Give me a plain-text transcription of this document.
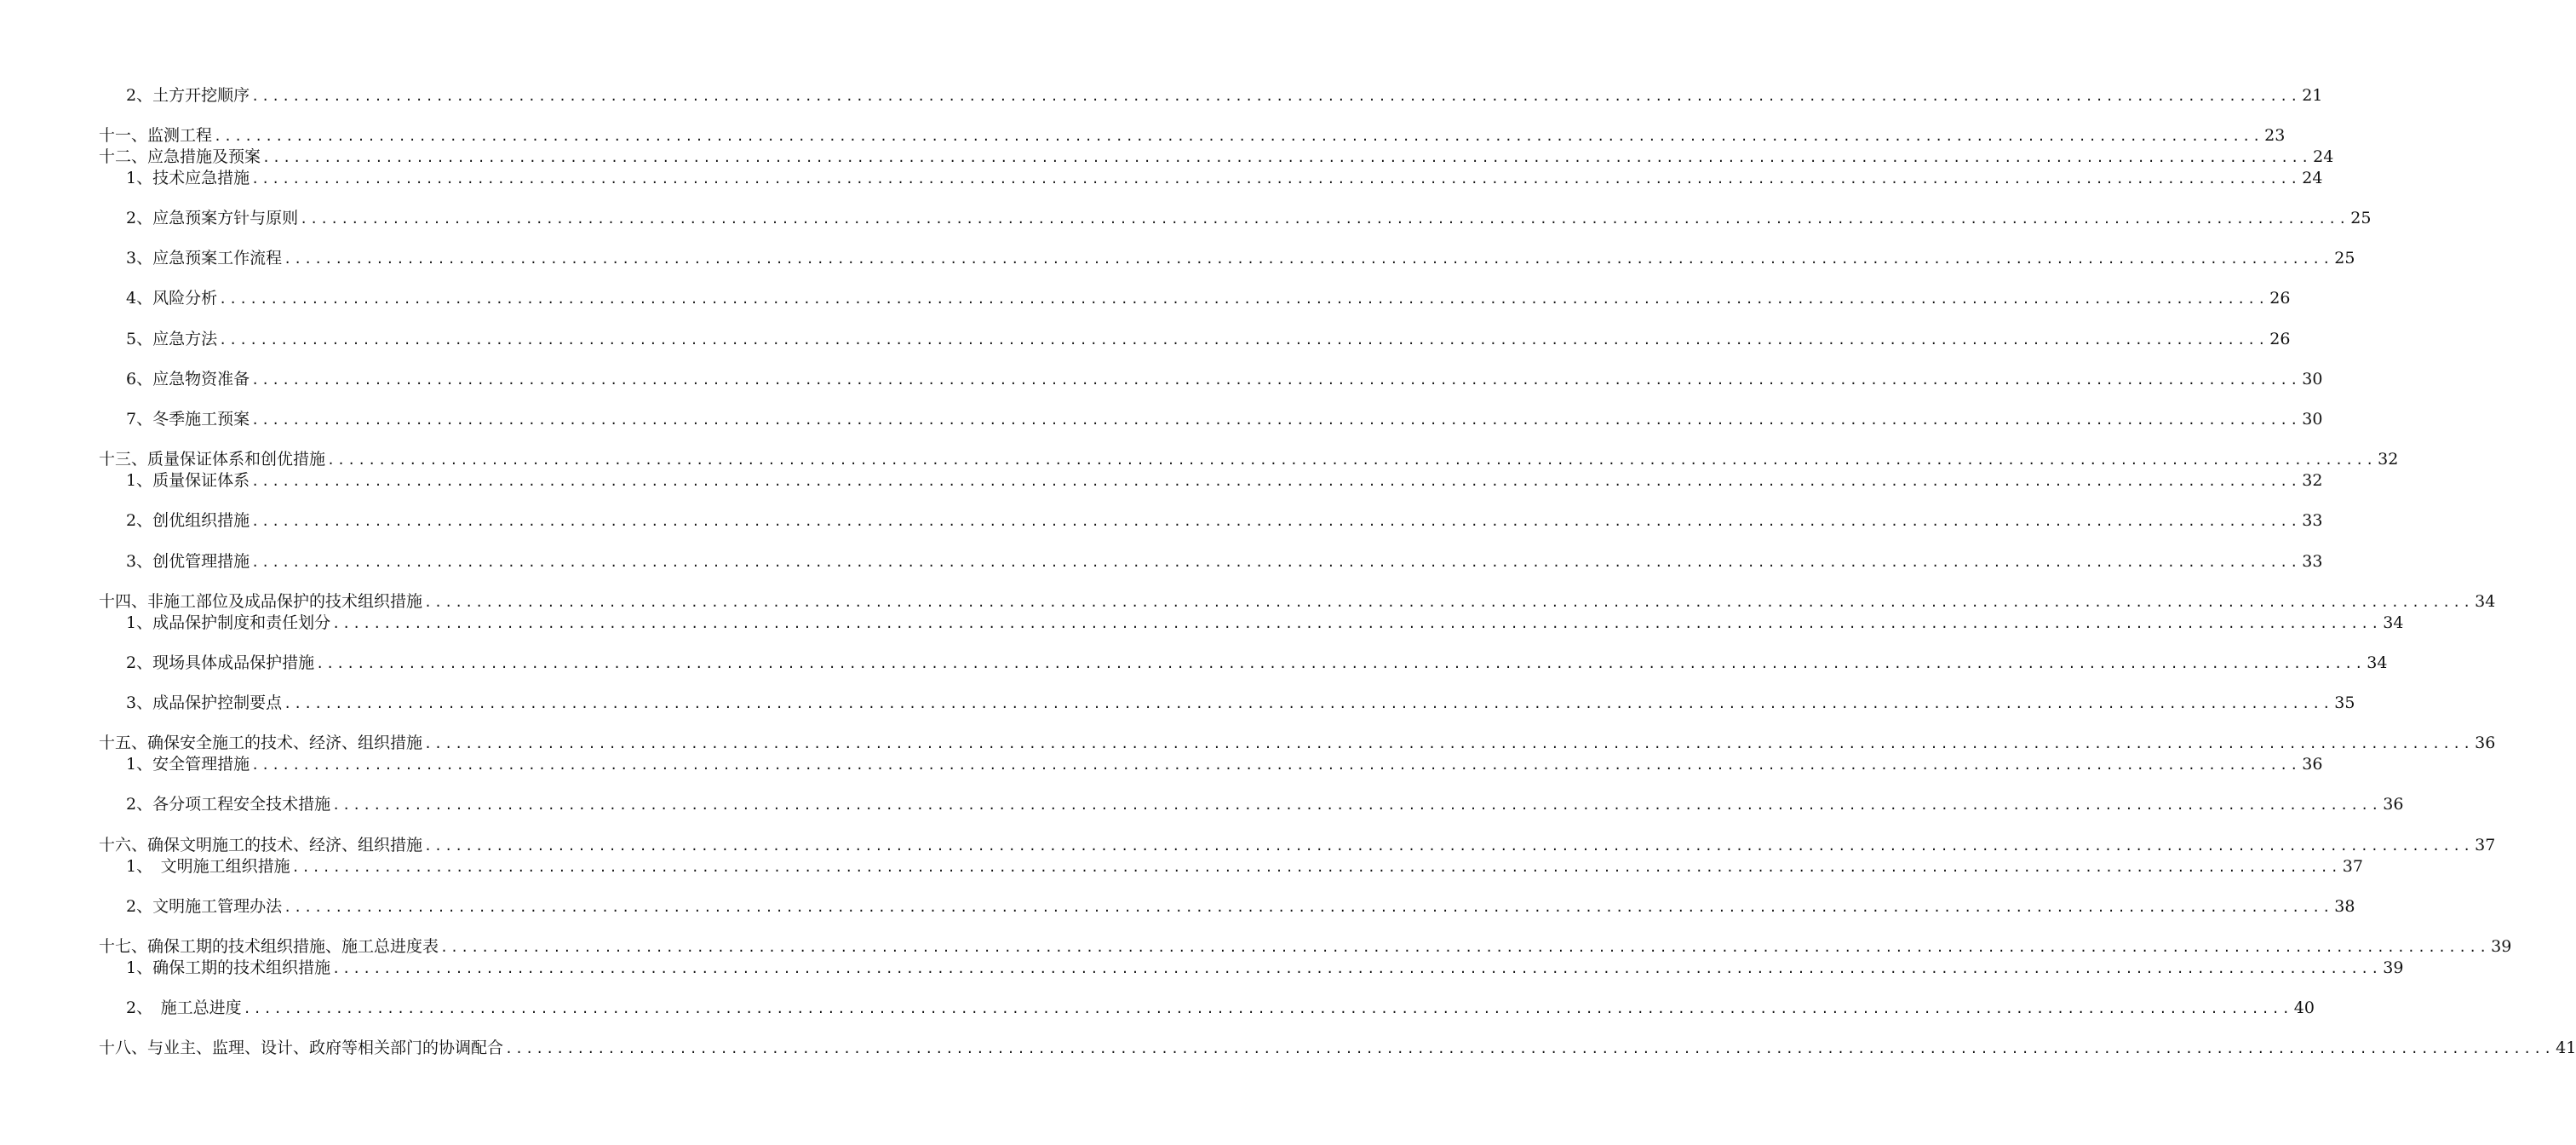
2、土方开挖顺序 ........................................................................................................................................................................................................ 21
十一、监测工程 ........................................................................................................................................................................................................ 23
十二、应急措施及预案 ........................................................................................................................................................................................................ 24
1、技术应急措施 ........................................................................................................................................................................................................ 24
2、应急预案方针与原则 ........................................................................................................................................................................................................ 25
3、应急预案工作流程 ........................................................................................................................................................................................................ 25
4、风险分析 ........................................................................................................................................................................................................ 26
5、应急方法 ........................................................................................................................................................................................................ 26
6、应急物资准备 ........................................................................................................................................................................................................ 30
7、冬季施工预案 ........................................................................................................................................................................................................ 30
十三、质量保证体系和创优措施 ........................................................................................................................................................................................................ 32
1、质量保证体系 ........................................................................................................................................................................................................ 32
2、创优组织措施 ........................................................................................................................................................................................................ 33
3、创优管理措施 ........................................................................................................................................................................................................ 33
十四、非施工部位及成品保护的技术组织措施 ........................................................................................................................................................................................................ 34
1、成品保护制度和责任划分 ........................................................................................................................................................................................................ 34
2、现场具体成品保护措施 ........................................................................................................................................................................................................ 34
3、成品保护控制要点 ........................................................................................................................................................................................................ 35
十五、确保安全施工的技术、经济、组织措施 ........................................................................................................................................................................................................ 36
1、安全管理措施 ........................................................................................................................................................................................................ 36
2、各分项工程安全技术措施 ........................................................................................................................................................................................................ 36
十六、确保文明施工的技术、经济、组织措施 ........................................................................................................................................................................................................ 37
1、　文明施工组织措施 ........................................................................................................................................................................................................ 37
2、文明施工管理办法 ........................................................................................................................................................................................................ 38
十七、确保工期的技术组织措施、施工总进度表 ........................................................................................................................................................................................................ 39
1、确保工期的技术组织措施 ........................................................................................................................................................................................................ 39
2、　施工总进度 ........................................................................................................................................................................................................ 40
十八、与业主、监理、设计、政府等相关部门的协调配合 ........................................................................................................................................................................................................ 41
